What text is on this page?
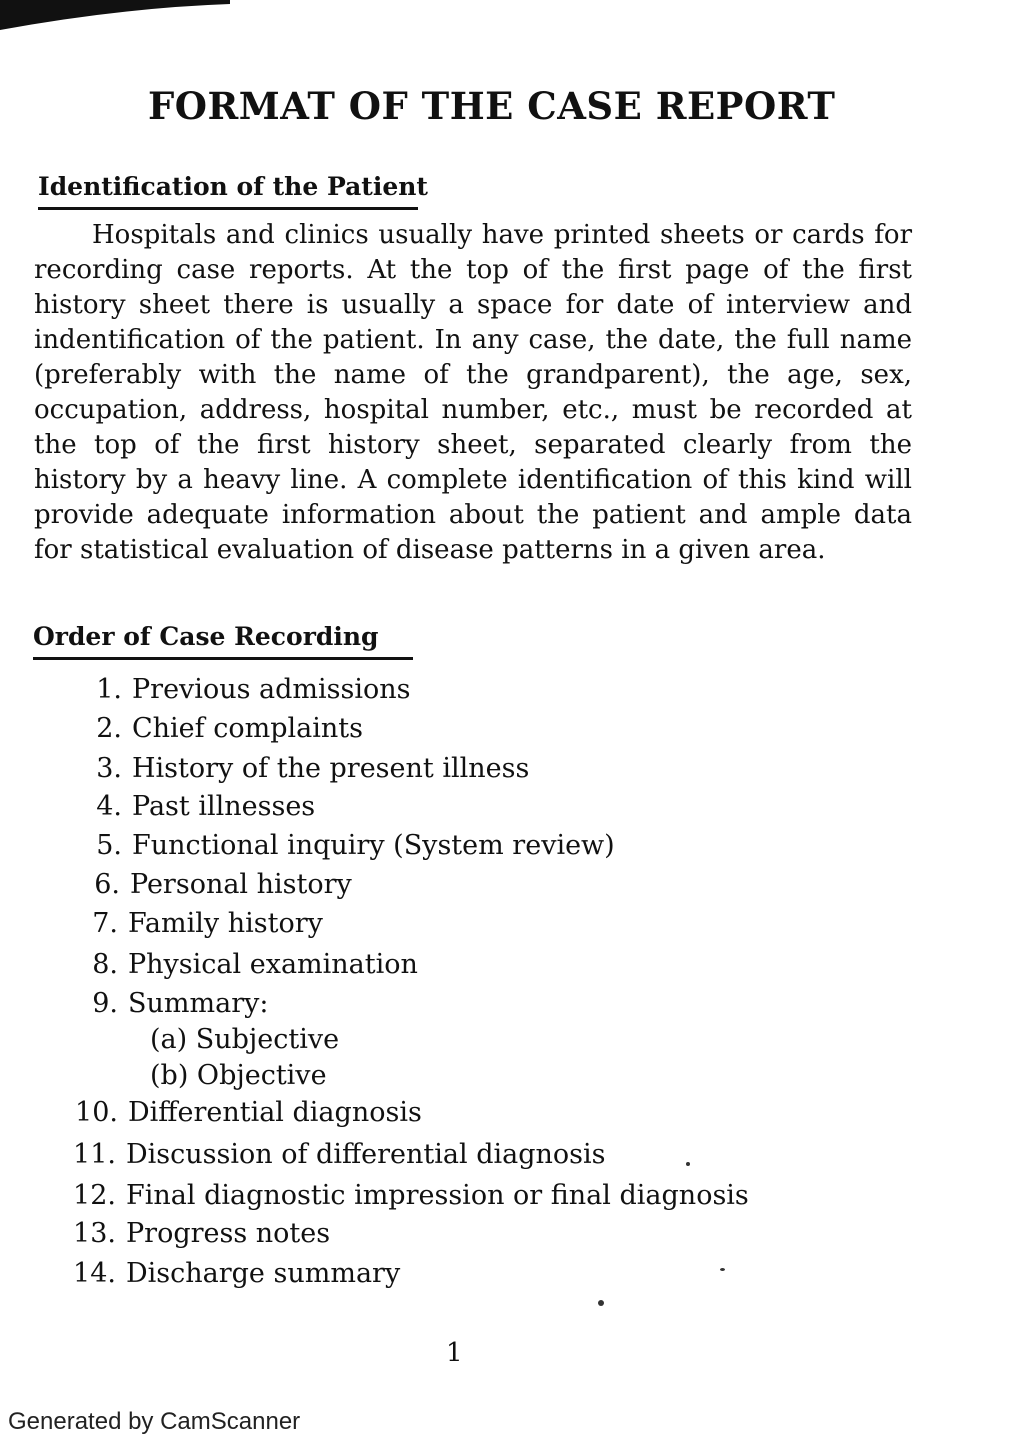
FORMAT OF THE CASE REPORT
Identification of the Patient
Hospitals and clinics usually have printed sheets or cards for recording case reports. At the top of the first page of the first history sheet there is usually a space for date of interview and indentification of the patient. In any case, the date, the full name (preferably with the name of the grandparent), the age, sex, occupation, address, hospital number, etc., must be recorded at the top of the first history sheet, separated clearly from the history by a heavy line. A complete identification of this kind will provide adequate information about the patient and ample data for statistical evaluation of disease patterns in a given area.
Order of Case Recording
1. Previous admissions
2. Chief complaints
3. History of the present illness
4. Past illnesses
5. Functional inquiry (System review)
6. Personal history
7. Family history
8. Physical examination
9. Summary:
(a) Subjective
(b) Objective
10. Differential diagnosis
11. Discussion of differential diagnosis
12. Final diagnostic impression or final diagnosis
13. Progress notes
14. Discharge summary
1
Generated by CamScanner
